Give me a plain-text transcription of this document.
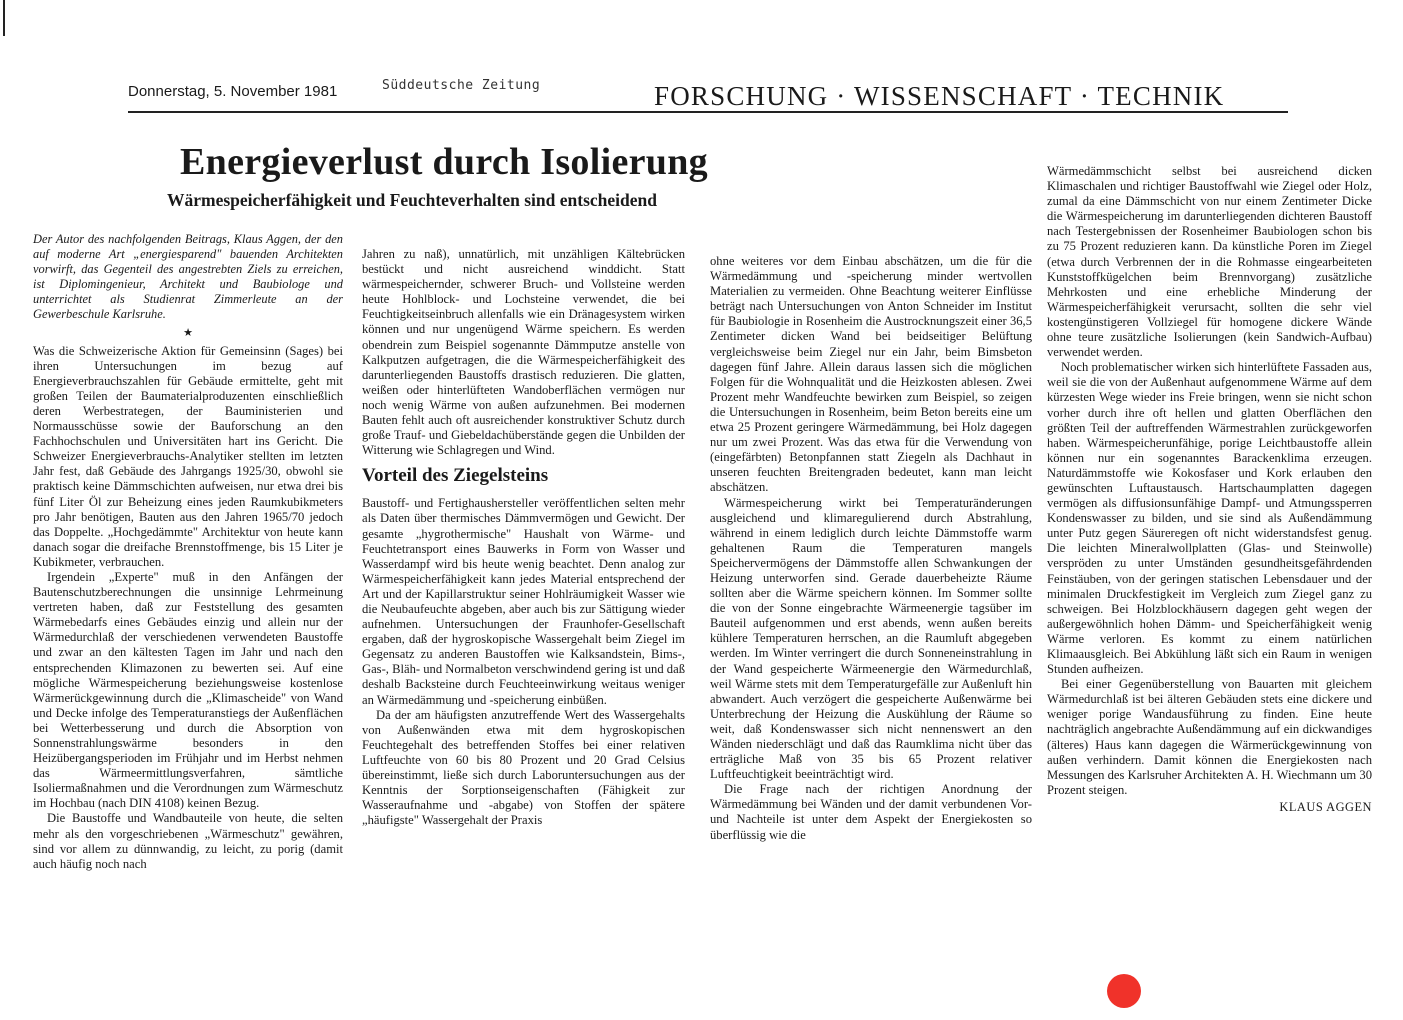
Donnerstag, 5. November 1981	Süddeutsche Zeitung	FORSCHUNG · WISSENSCHAFT · TECHNIK
Energieverlust durch Isolierung
Wärmespeicherfähigkeit und Feuchteverhalten sind entscheidend

Der Autor des nachfolgenden Beitrags, Klaus Aggen, der den auf moderne Art „energiesparend" bauenden Architekten vorwirft, das Gegenteil des angestrebten Ziels zu erreichen, ist Diplomingenieur, Architekt und Baubiologe und unterrichtet als Studienrat Zimmerleute an der Gewerbeschule Karlsruhe.

★

Was die Schweizerische Aktion für Gemeinsinn (Sages) bei ihren Untersuchungen im bezug auf Energieverbrauchszahlen für Gebäude ermittelte, geht mit großen Teilen der Baumaterialproduzenten einschließlich deren Werbestrategen, der Bauministerien und Normausschüsse sowie der Bauforschung an den Fachhochschulen und Universitäten hart ins Gericht. Die Schweizer Energieverbrauchs-Analytiker stellten im letzten Jahr fest, daß Gebäude des Jahrgangs 1925/30, obwohl sie praktisch keine Dämmschichten aufweisen, nur etwa drei bis fünf Liter Öl zur Beheizung eines jeden Raumkubikmeters pro Jahr benötigen, Bauten aus den Jahren 1965/70 jedoch das Doppelte. „Hochgedämmte" Architektur von heute kann danach sogar die dreifache Brennstoffmenge, bis 15 Liter je Kubikmeter, verbrauchen.

Irgendein „Experte" muß in den Anfängen der Bautenschutzberechnungen die unsinnige Lehrmeinung vertreten haben, daß zur Feststellung des gesamten Wärmebedarfs eines Gebäudes einzig und allein nur der Wärmedurchlaß der verschiedenen verwendeten Baustoffe und zwar an den kältesten Tagen im Jahr und nach den entsprechenden Klimazonen zu bewerten sei. Auf eine mögliche Wärmespeicherung beziehungsweise kostenlose Wärmerückgewinnung durch die „Klimascheide" von Wand und Decke infolge des Temperaturanstiegs der Außenflächen bei Wetterbesserung und durch die Absorption von Sonnenstrahlungswärme besonders in den Heizübergangsperioden im Frühjahr und im Herbst nehmen das Wärmeermittlungsverfahren, sämtliche Isoliermaßnahmen und die Verordnungen zum Wärmeschutz im Hochbau (nach DIN 4108) keinen Bezug.

Die Baustoffe und Wandbauteile von heute, die selten mehr als den vorgeschriebenen „Wärmeschutz" gewähren, sind vor allem zu dünnwandig, zu leicht, zu porig (damit auch häufig noch nach

Jahren zu naß), unnatürlich, mit unzähligen Kältebrücken bestückt und nicht ausreichend winddicht. Statt wärmespeichernder, schwerer Bruch- und Vollsteine werden heute Hohlblock- und Lochsteine verwendet, die bei Feuchtigkeitseinbruch allenfalls wie ein Dränagesystem wirken können und nur ungenügend Wärme speichern. Es werden obendrein zum Beispiel sogenannte Dämmputze anstelle von Kalkputzen aufgetragen, die die Wärmespeicherfähigkeit des darunterliegenden Baustoffs drastisch reduzieren. Die glatten, weißen oder hinterlüfteten Wandoberflächen vermögen nur noch wenig Wärme von außen aufzunehmen. Bei modernen Bauten fehlt auch oft ausreichender konstruktiver Schutz durch große Trauf- und Giebeldachüberstände gegen die Unbilden der Witterung wie Schlagregen und Wind.

Vorteil des Ziegelsteins

Baustoff- und Fertighaushersteller veröffentlichen selten mehr als Daten über thermisches Dämmvermögen und Gewicht. Der gesamte „hygrothermische" Haushalt von Wärme- und Feuchtetransport eines Bauwerks in Form von Wasser und Wasserdampf wird bis heute wenig beachtet. Denn analog zur Wärmespeicherfähigkeit kann jedes Material entsprechend der Art und der Kapillarstruktur seiner Hohlräumigkeit Wasser wie die Neubaufeuchte abgeben, aber auch bis zur Sättigung wieder aufnehmen. Untersuchungen der Fraunhofer-Gesellschaft ergaben, daß der hygroskopische Wassergehalt beim Ziegel im Gegensatz zu anderen Baustoffen wie Kalksandstein, Bims-, Gas-, Bläh- und Normalbeton verschwindend gering ist und daß deshalb Backsteine durch Feuchteeinwirkung weitaus weniger an Wärmedämmung und -speicherung einbüßen.

Da der am häufigsten anzutreffende Wert des Wassergehalts von Außenwänden etwa mit dem hygroskopischen Feuchtegehalt des betreffenden Stoffes bei einer relativen Luftfeuchte von 60 bis 80 Prozent und 20 Grad Celsius übereinstimmt, ließe sich durch Laboruntersuchungen aus der Kenntnis der Sorptionseigenschaften (Fähigkeit zur Wasseraufnahme und -abgabe) von Stoffen der spätere „häufigste" Wassergehalt der Praxis

ohne weiteres vor dem Einbau abschätzen, um die für die Wärmedämmung und -speicherung minder wertvollen Materialien zu vermeiden. Ohne Beachtung weiterer Einflüsse beträgt nach Untersuchungen von Anton Schneider im Institut für Baubiologie in Rosenheim die Austrocknungszeit einer 36,5 Zentimeter dicken Wand bei beidseitiger Belüftung vergleichsweise beim Ziegel nur ein Jahr, beim Bimsbeton dagegen fünf Jahre. Allein daraus lassen sich die möglichen Folgen für die Wohnqualität und die Heizkosten ablesen. Zwei Prozent mehr Wandfeuchte bewirken zum Beispiel, so zeigen die Untersuchungen in Rosenheim, beim Beton bereits eine um etwa 25 Prozent geringere Wärmedämmung, bei Holz dagegen nur um zwei Prozent. Was das etwa für die Verwendung von (eingefärbten) Betonpfannen statt Ziegeln als Dachhaut in unseren feuchten Breitengraden bedeutet, kann man leicht abschätzen.

Wärmespeicherung wirkt bei Temperaturänderungen ausgleichend und klimaregulierend durch Abstrahlung, während in einem lediglich durch leichte Dämmstoffe warm gehaltenen Raum die Temperaturen mangels Speichervermögens der Dämmstoffe allen Schwankungen der Heizung unterworfen sind. Gerade dauerbeheizte Räume sollten aber die Wärme speichern können. Im Sommer sollte die von der Sonne eingebrachte Wärmeenergie tagsüber im Bauteil aufgenommen und erst abends, wenn außen bereits kühlere Temperaturen herrschen, an die Raumluft abgegeben werden. Im Winter verringert die durch Sonneneinstrahlung in der Wand gespeicherte Wärmeenergie den Wärmedurchlaß, weil Wärme stets mit dem Temperaturgefälle zur Außenluft hin abwandert. Auch verzögert die gespeicherte Außenwärme bei Unterbrechung der Heizung die Auskühlung der Räume so weit, daß Kondenswasser sich nicht nennenswert an den Wänden niederschlägt und daß das Raumklima nicht über das erträgliche Maß von 35 bis 65 Prozent relativer Luftfeuchtigkeit beeinträchtigt wird.

Die Frage nach der richtigen Anordnung der Wärmedämmung bei Wänden und der damit verbundenen Vor- und Nachteile ist unter dem Aspekt der Energiekosten so überflüssig wie die

Wärmedämmschicht selbst bei ausreichend dicken Klimaschalen und richtiger Baustoffwahl wie Ziegel oder Holz, zumal da eine Dämmschicht von nur einem Zentimeter Dicke die Wärmespeicherung im darunterliegenden dichteren Baustoff nach Testergebnissen der Rosenheimer Baubiologen schon bis zu 75 Prozent reduzieren kann. Da künstliche Poren im Ziegel (etwa durch Verbrennen der in die Rohmasse eingearbeiteten Kunststoffkügelchen beim Brennvorgang) zusätzliche Mehrkosten und eine erhebliche Minderung der Wärmespeicherfähigkeit verursacht, sollten die sehr viel kostengünstigeren Vollziegel für homogene dickere Wände ohne teure zusätzliche Isolierungen (kein Sandwich-Aufbau) verwendet werden.

Noch problematischer wirken sich hinterlüftete Fassaden aus, weil sie die von der Außenhaut aufgenommene Wärme auf dem kürzesten Wege wieder ins Freie bringen, wenn sie nicht schon vorher durch ihre oft hellen und glatten Oberflächen den größten Teil der auftreffenden Wärmestrahlen zurückgeworfen haben. Wärmespeicherunfähige, porige Leichtbaustoffe allein können nur ein sogenanntes Barackenklima erzeugen. Naturdämmstoffe wie Kokosfaser und Kork erlauben den gewünschten Luftaustausch. Hartschaumplatten dagegen vermögen als diffusionsunfähige Dampf- und Atmungssperren Kondenswasser zu bilden, und sie sind als Außendämmung unter Putz gegen Säureregen oft nicht widerstandsfest genug. Die leichten Mineralwollplatten (Glas- und Steinwolle) verspröden zu unter Umständen gesundheitsgefährdenden Feinstäuben, von der geringen statischen Lebensdauer und der minimalen Druckfestigkeit im Vergleich zum Ziegel ganz zu schweigen. Bei Holzblockhäusern dagegen geht wegen der außergewöhnlich hohen Dämm- und Speicherfähigkeit wenig Wärme verloren. Es kommt zu einem natürlichen Klimaausgleich. Bei Abkühlung läßt sich ein Raum in wenigen Stunden aufheizen.

Bei einer Gegenüberstellung von Bauarten mit gleichem Wärmedurchlaß ist bei älteren Gebäuden stets eine dickere und weniger porige Wandausführung zu finden. Eine heute nachträglich angebrachte Außendämmung auf ein dickwandiges (älteres) Haus kann dagegen die Wärmerückgewinnung von außen verhindern. Damit können die Energiekosten nach Messungen des Karlsruher Architekten A. H. Wiechmann um 30 Prozent steigen.

KLAUS AGGEN
